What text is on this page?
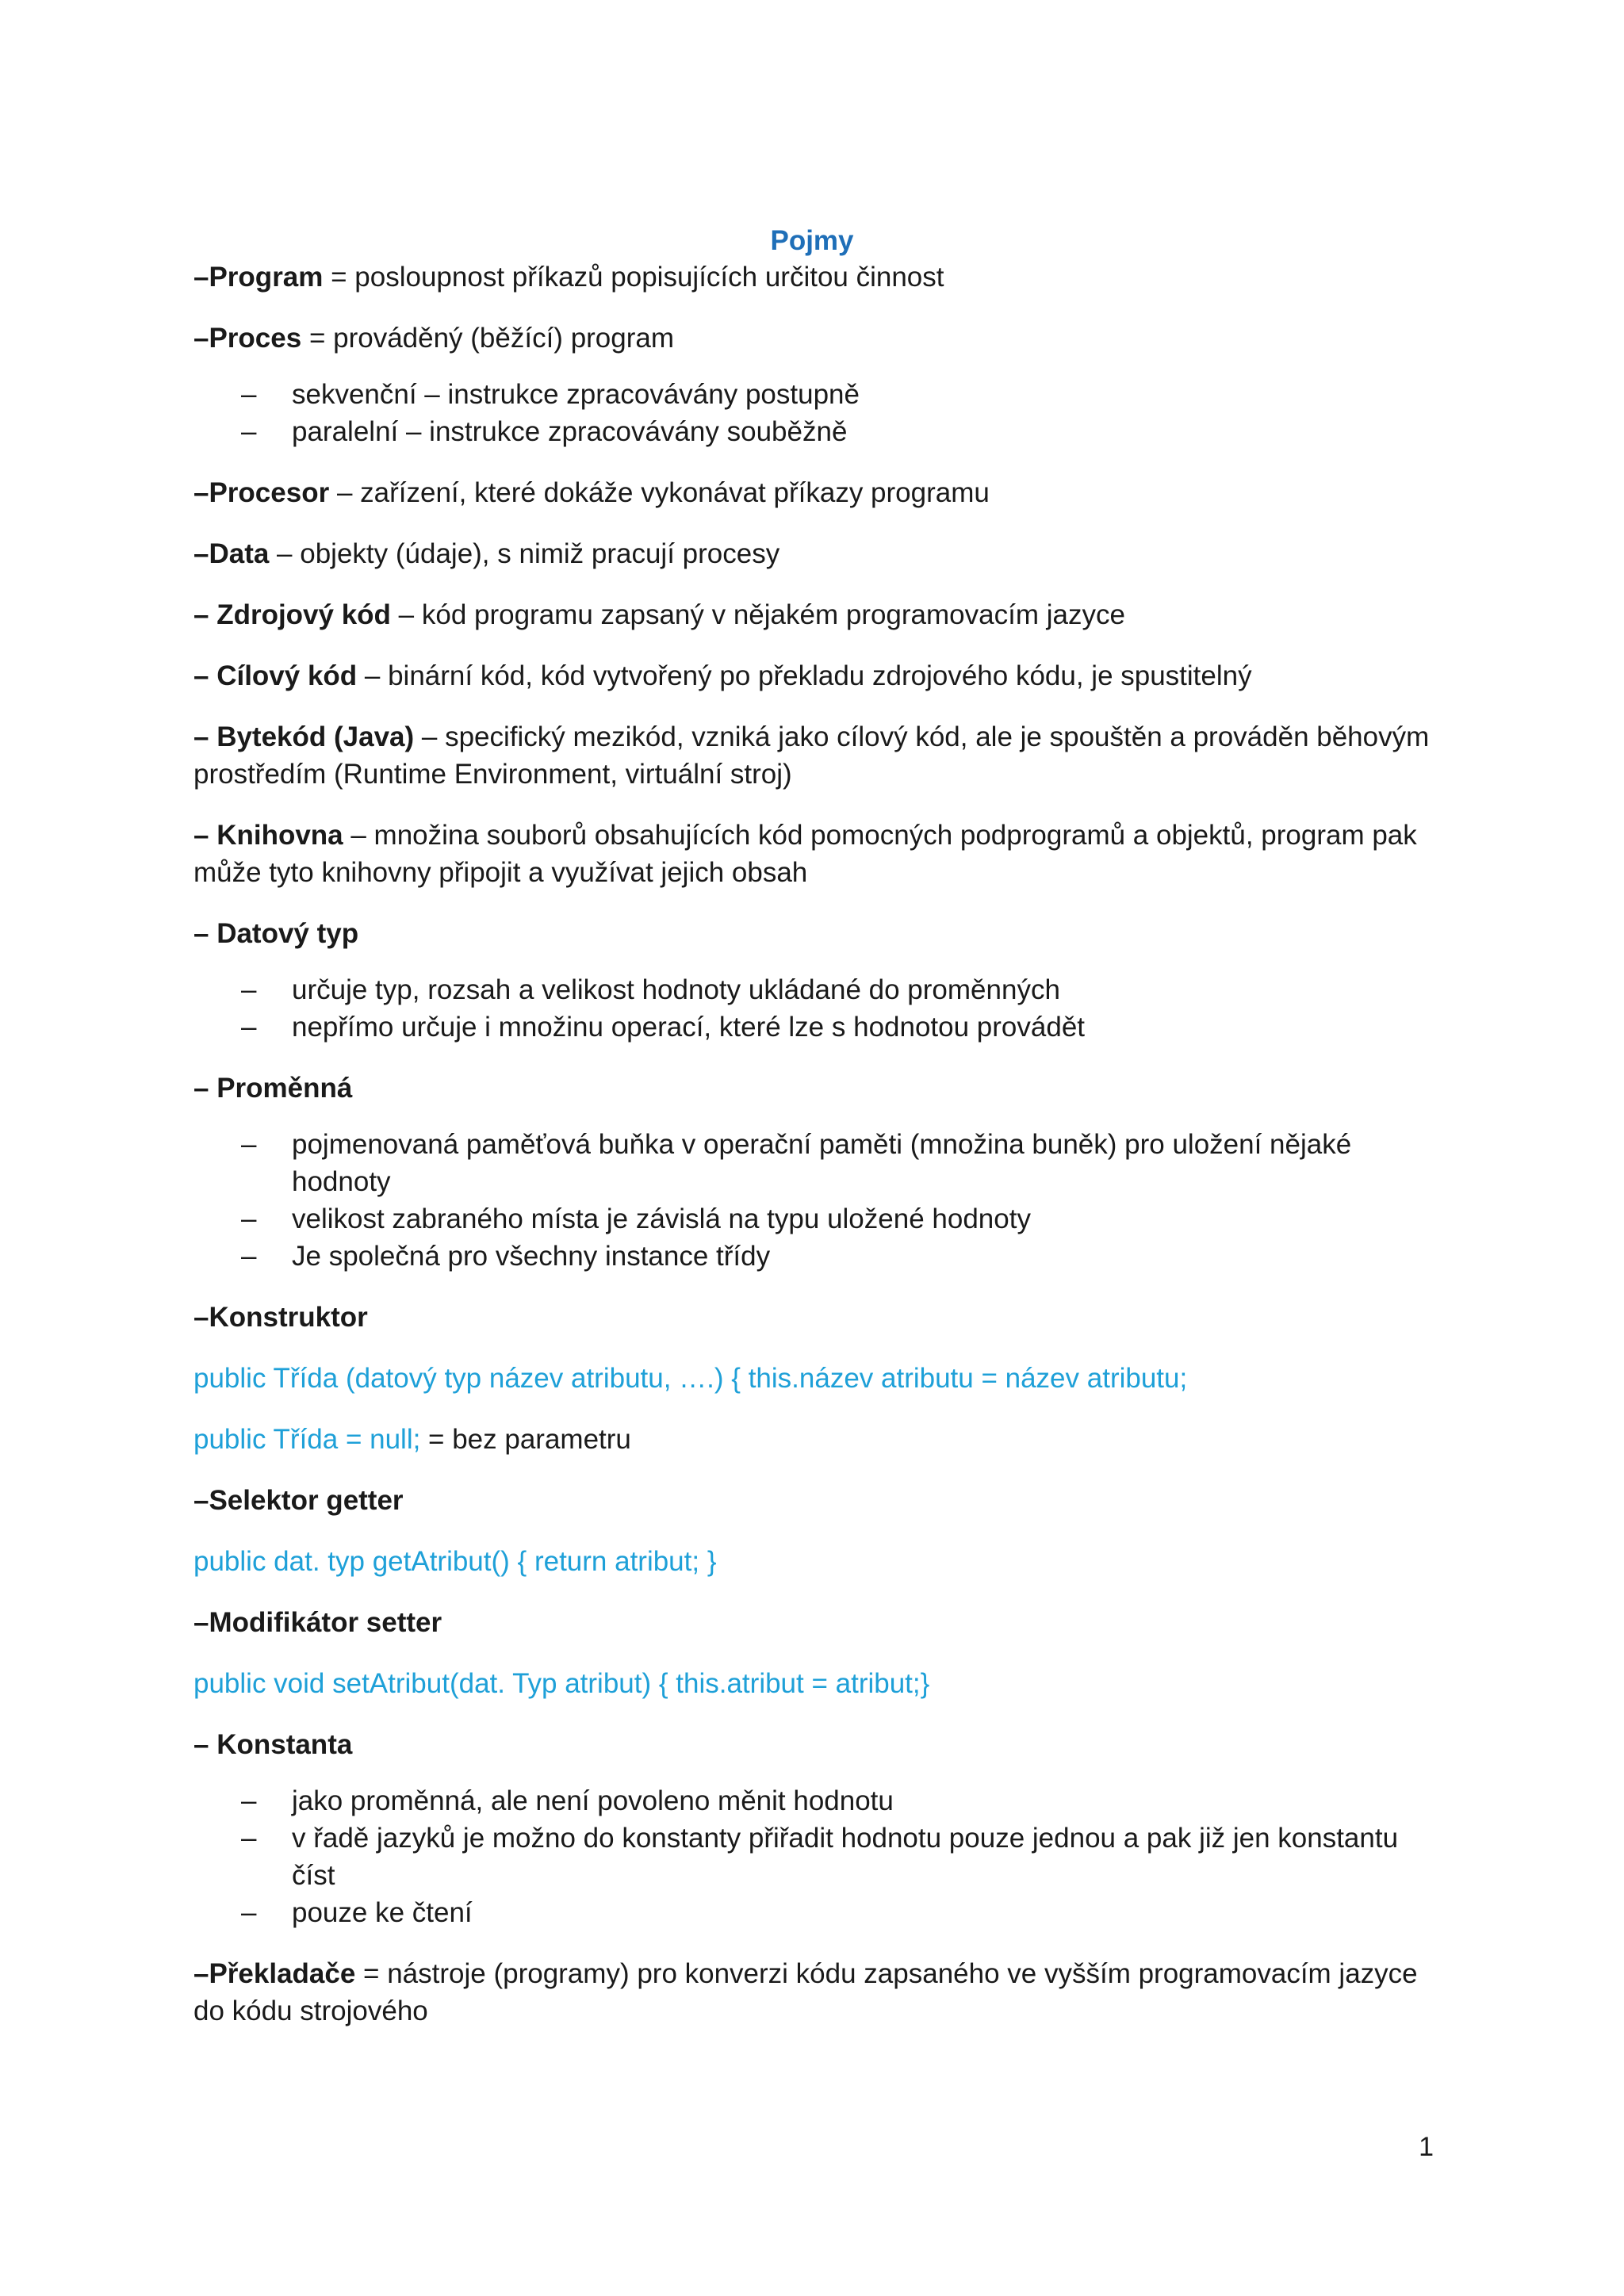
Pojmy

–Program = posloupnost příkazů popisujících určitou činnost

–Proces = prováděný (běžící) program

– sekvenční – instrukce zpracovávány postupně
– paralelní – instrukce zpracovávány souběžně

–Procesor – zařízení, které dokáže vykonávat příkazy programu

–Data – objekty (údaje), s nimiž pracují procesy

– Zdrojový kód – kód programu zapsaný v nějakém programovacím jazyce

– Cílový kód – binární kód, kód vytvořený po překladu zdrojového kódu, je spustitelný

– Bytekód (Java) – specifický mezikód, vzniká jako cílový kód, ale je spouštěn a prováděn běhovým prostředím (Runtime Environment, virtuální stroj)

– Knihovna – množina souborů obsahujících kód pomocných podprogramů a objektů, program pak může tyto knihovny připojit a využívat jejich obsah

– Datový typ

– určuje typ, rozsah a velikost hodnoty ukládané do proměnných
– nepřímo určuje i množinu operací, které lze s hodnotou provádět

– Proměnná

– pojmenovaná paměťová buňka v operační paměti (množina buněk) pro uložení nějaké hodnoty
– velikost zabraného místa je závislá na typu uložené hodnoty
– Je společná pro všechny instance třídy

–Konstruktor

public Třída (datový typ název atributu, ….) { this.název atributu = název atributu;

public Třída = null; = bez parametru

–Selektor getter

public dat. typ getAtribut() { return atribut; }

–Modifikátor setter

public void setAtribut(dat. Typ atribut) { this.atribut = atribut;}

– Konstanta

– jako proměnná, ale není povoleno měnit hodnotu
– v řadě jazyků je možno do konstanty přiřadit hodnotu pouze jednou a pak již jen konstantu číst
– pouze ke čtení

–Překladače = nástroje (programy) pro konverzi kódu zapsaného ve vyšším programovacím jazyce do kódu strojového

1
